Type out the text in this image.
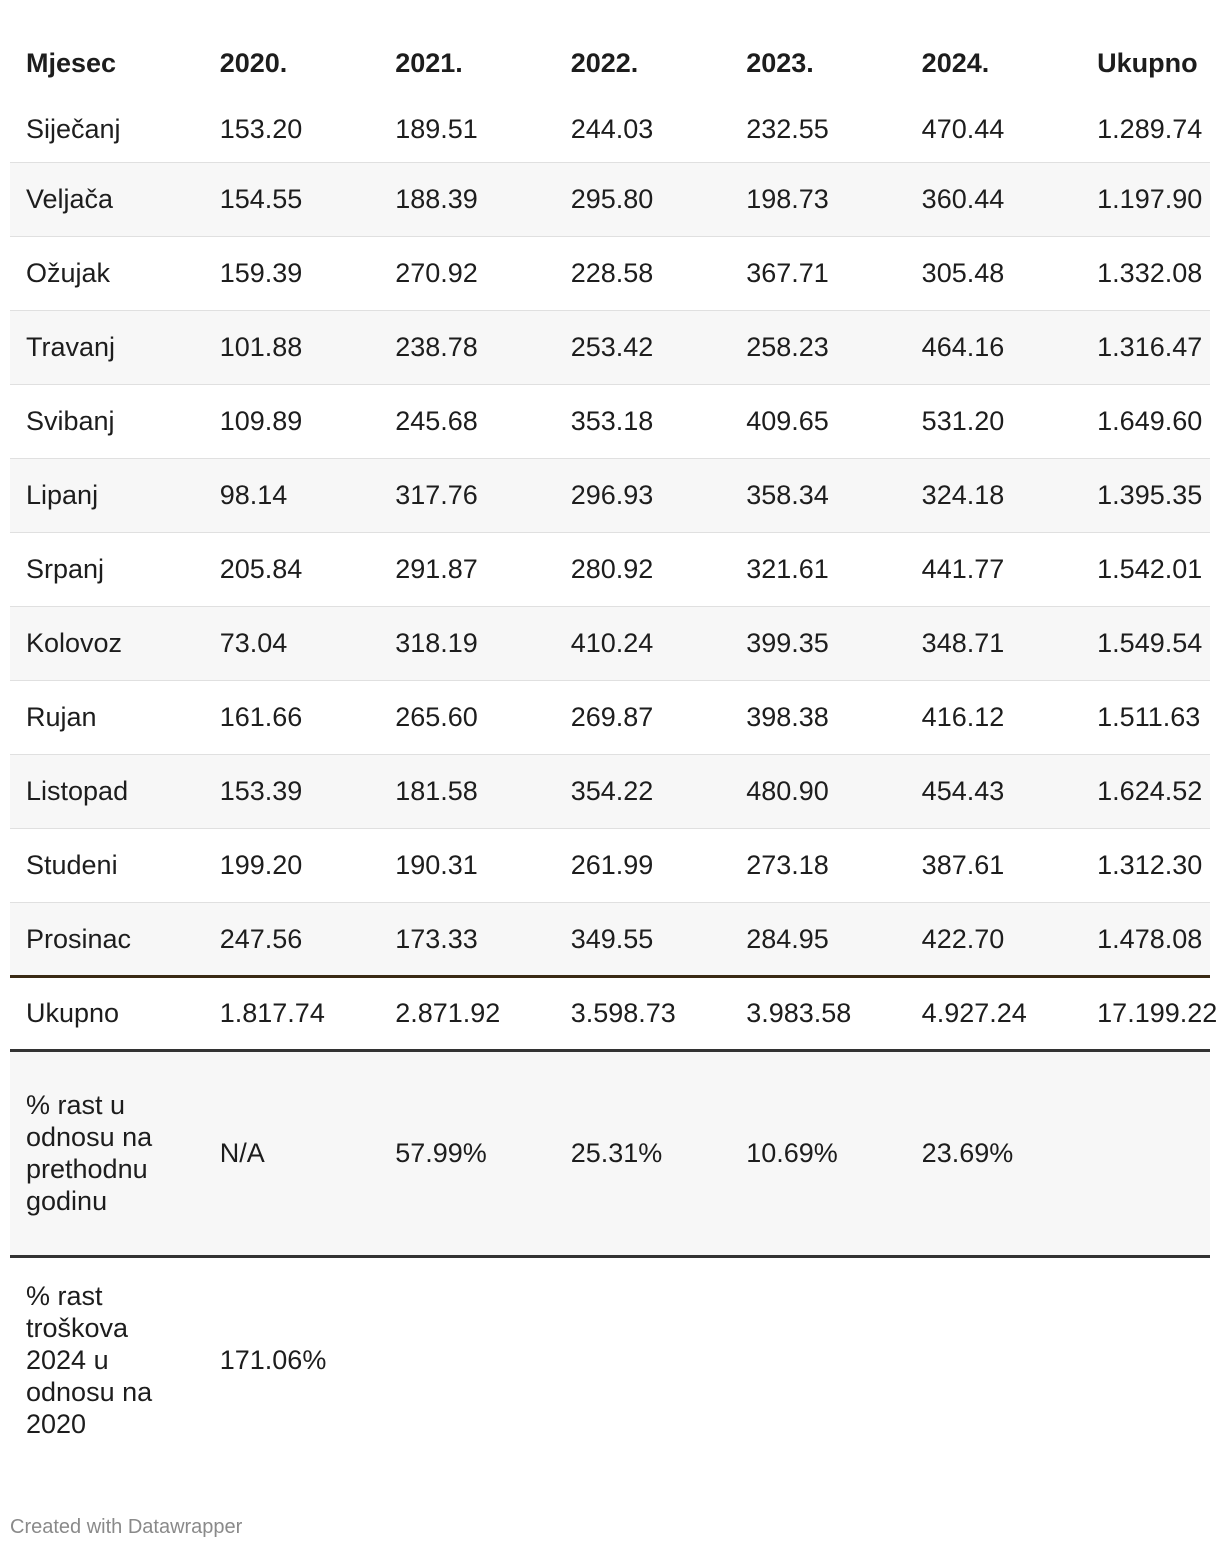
Mjesec	2020.	2021.	2022.	2023.	2024.	Ukupno
Siječanj	153.20	189.51	244.03	232.55	470.44	1.289.74
Veljača	154.55	188.39	295.80	198.73	360.44	1.197.90
Ožujak	159.39	270.92	228.58	367.71	305.48	1.332.08
Travanj	101.88	238.78	253.42	258.23	464.16	1.316.47
Svibanj	109.89	245.68	353.18	409.65	531.20	1.649.60
Lipanj	98.14	317.76	296.93	358.34	324.18	1.395.35
Srpanj	205.84	291.87	280.92	321.61	441.77	1.542.01
Kolovoz	73.04	318.19	410.24	399.35	348.71	1.549.54
Rujan	161.66	265.60	269.87	398.38	416.12	1.511.63
Listopad	153.39	181.58	354.22	480.90	454.43	1.624.52
Studeni	199.20	190.31	261.99	273.18	387.61	1.312.30
Prosinac	247.56	173.33	349.55	284.95	422.70	1.478.08
Ukupno	1.817.74	2.871.92	3.598.73	3.983.58	4.927.24	17.199.22
% rast u odnosu na prethodnu godinu	N/A	57.99%	25.31%	10.69%	23.69%	
% rast troškova 2024 u odnosu na 2020	171.06%					
Created with Datawrapper
